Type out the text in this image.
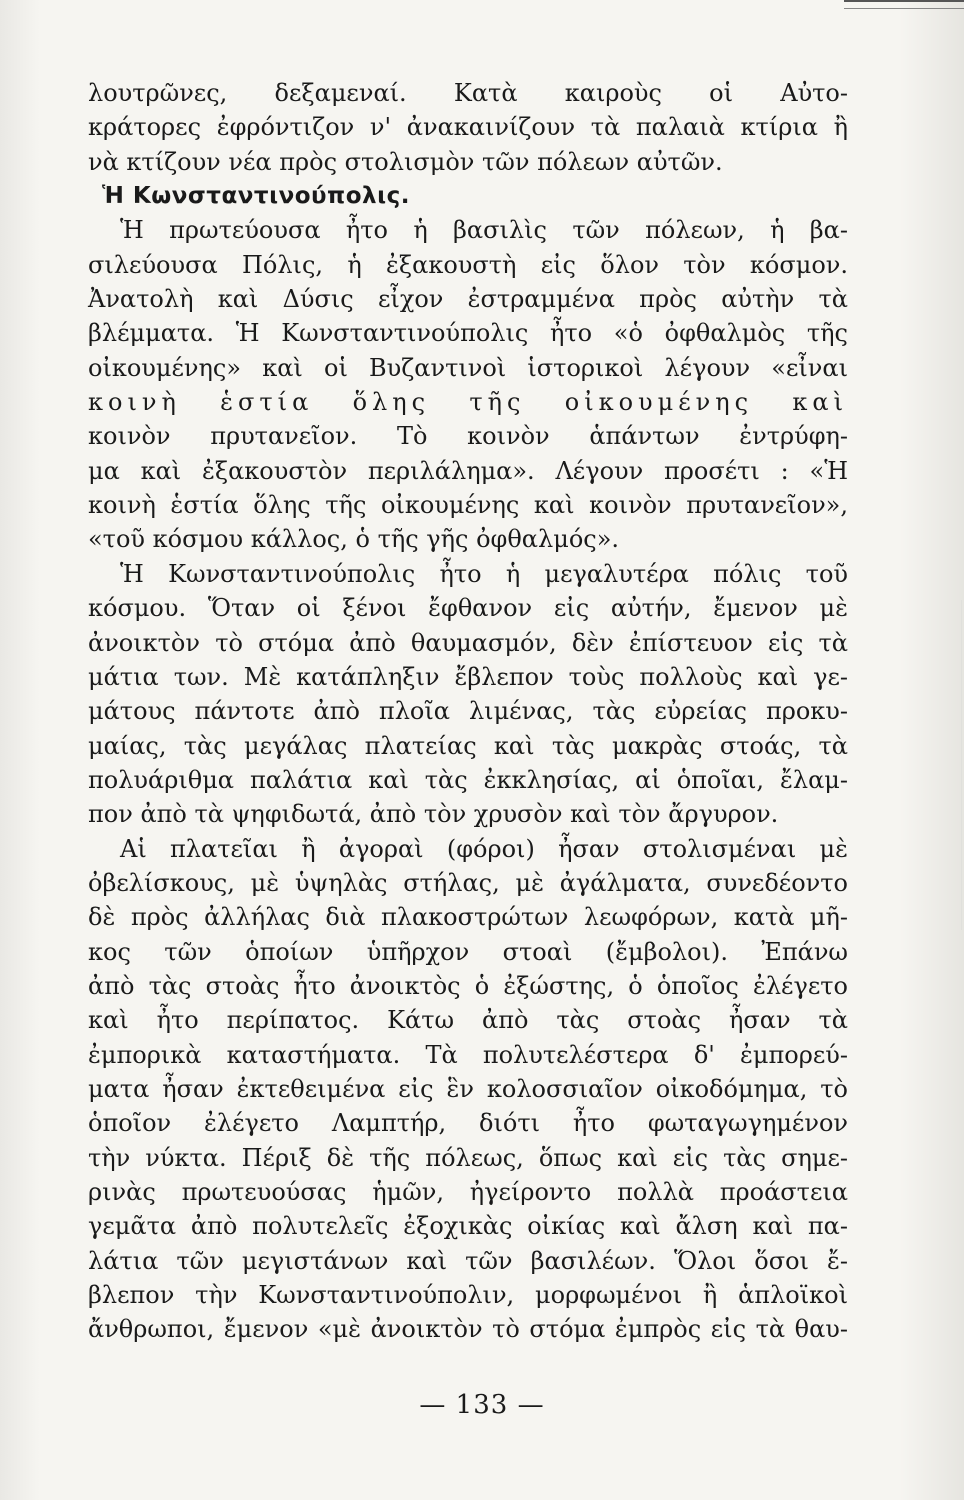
λουτρῶνες, δεξαμεναί. Κατὰ καιροὺς οἱ Αὐτο-
κράτορες ἐφρόντιζον ν' ἀνακαινίζουν τὰ παλαιὰ κτίρια ἢ
νὰ κτίζουν νέα πρὸς στολισμὸν τῶν πόλεων αὐτῶν.
Ἡ Κωνσταντινούπολις.
Ἡ πρωτεύουσα ἦτο ἡ βασιλὶς τῶν πόλεων, ἡ βα-
σιλεύουσα Πόλις, ἡ ἐξακουστὴ εἰς ὅλον τὸν κόσμον.
Ἀνατολὴ καὶ Δύσις εἶχον ἐστραμμένα πρὸς αὐτὴν τὰ
βλέμματα. Ἡ Κωνσταντινούπολις ἦτο «ὁ ὀφθαλμὸς τῆς
οἰκουμένης» καὶ οἱ Βυζαντινοὶ ἱστορικοὶ λέγουν «εἶναι
κοινὴ ἑστία ὅλης τῆς οἰκουμένης καὶ
κοινὸν πρυτανεῖον. Τὸ κοινὸν ἁπάντων ἐντρύφη-
μα καὶ ἐξακουστὸν περιλάλημα». Λέγουν προσέτι : «Ἡ
κοινὴ ἑστία ὅλης τῆς οἰκουμένης καὶ κοινὸν πρυτανεῖον»,
«τοῦ κόσμου κάλλος, ὁ τῆς γῆς ὀφθαλμός».
Ἡ Κωνσταντινούπολις ἦτο ἡ μεγαλυτέρα πόλις τοῦ
κόσμου. Ὅταν οἱ ξένοι ἔφθανον εἰς αὐτήν, ἔμενον μὲ
ἀνοικτὸν τὸ στόμα ἀπὸ θαυμασμόν, δὲν ἐπίστευον εἰς τὰ
μάτια των. Μὲ κατάπληξιν ἔβλεπον τοὺς πολλοὺς καὶ γε-
μάτους πάντοτε ἀπὸ πλοῖα λιμένας, τὰς εὐρείας προκυ-
μαίας, τὰς μεγάλας πλατείας καὶ τὰς μακρὰς στοάς, τὰ
πολυάριθμα παλάτια καὶ τὰς ἐκκλησίας, αἱ ὁποῖαι, ἔλαμ-
πον ἀπὸ τὰ ψηφιδωτά, ἀπὸ τὸν χρυσὸν καὶ τὸν ἄργυρον.
Αἱ πλατεῖαι ἢ ἀγοραὶ (φόροι) ἦσαν στολισμέναι μὲ
ὀβελίσκους, μὲ ὑψηλὰς στήλας, μὲ ἀγάλματα, συνεδέοντο
δὲ πρὸς ἀλλήλας διὰ πλακοστρώτων λεωφόρων, κατὰ μῆ-
κος τῶν ὁποίων ὑπῆρχον στοαὶ (ἔμβολοι). Ἐπάνω
ἀπὸ τὰς στοὰς ἦτο ἀνοικτὸς ὁ ἐξώστης, ὁ ὁποῖος ἐλέγετο
καὶ ἦτο περίπατος. Κάτω ἀπὸ τὰς στοὰς ἦσαν τὰ
ἐμπορικὰ καταστήματα. Τὰ πολυτελέστερα δ' ἐμπορεύ-
ματα ἦσαν ἐκτεθειμένα εἰς ἓν κολοσσιαῖον οἰκοδόμημα, τὸ
ὁποῖον ἐλέγετο Λαμπτήρ, διότι ἦτο φωταγωγημένον
τὴν νύκτα. Πέριξ δὲ τῆς πόλεως, ὅπως καὶ εἰς τὰς σημε-
ρινὰς πρωτευούσας ἡμῶν, ἠγείροντο πολλὰ προάστεια
γεμᾶτα ἀπὸ πολυτελεῖς ἐξοχικὰς οἰκίας καὶ ἄλση καὶ πα-
λάτια τῶν μεγιστάνων καὶ τῶν βασιλέων. Ὅλοι ὅσοι ἔ-
βλεπον τὴν Κωνσταντινούπολιν, μορφωμένοι ἢ ἁπλοϊκοὶ
ἄνθρωποι, ἔμενον «μὲ ἀνοικτὸν τὸ στόμα ἐμπρὸς εἰς τὰ θαυ-
— 133 —
